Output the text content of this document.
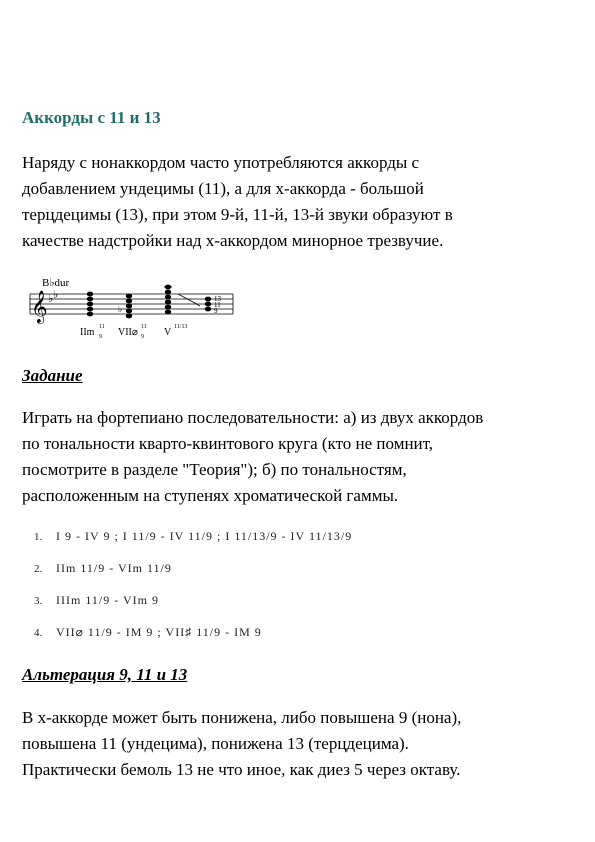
Аккорды с 11 и 13

Наряду с нонаккордом часто употребляются аккорды с
добавлением ундецимы (11), а для х-аккорда - большой
терцдецимы (13), при этом 9-й, 11-й, 13-й звуки образуют в
качестве надстройки над х-аккордом минорное трезвучие.

B♭dur
𝄞 ♭ ♭
♭
13
11
9
IIm 11
9 VII⌀ 11
9 V 11/13
Задание

Играть на фортепиано последовательности: а) из двух аккордов
по тональности кварто-квинтового круга (кто не помнит,
посмотрите в разделе "Теория"); б) по тональностям,
расположенным на ступенях хроматической гаммы.

1. I 9 - IV 9 ; I 11/9 - IV 11/9 ; I 11/13/9 - IV 11/13/9
2. IIm 11/9 - VIm 11/9
3. IIIm 11/9 - VIm 9
4. VII⌀ 11/9 - IM 9 ; VII♯ 11/9 - IM 9
Альтерация 9, 11 и 13

В х-аккорде может быть понижена, либо повышена 9 (нона),
повышена 11 (ундецима), понижена 13 (терцдецима).
Практически бемоль 13 не что иное, как диез 5 через октаву.
